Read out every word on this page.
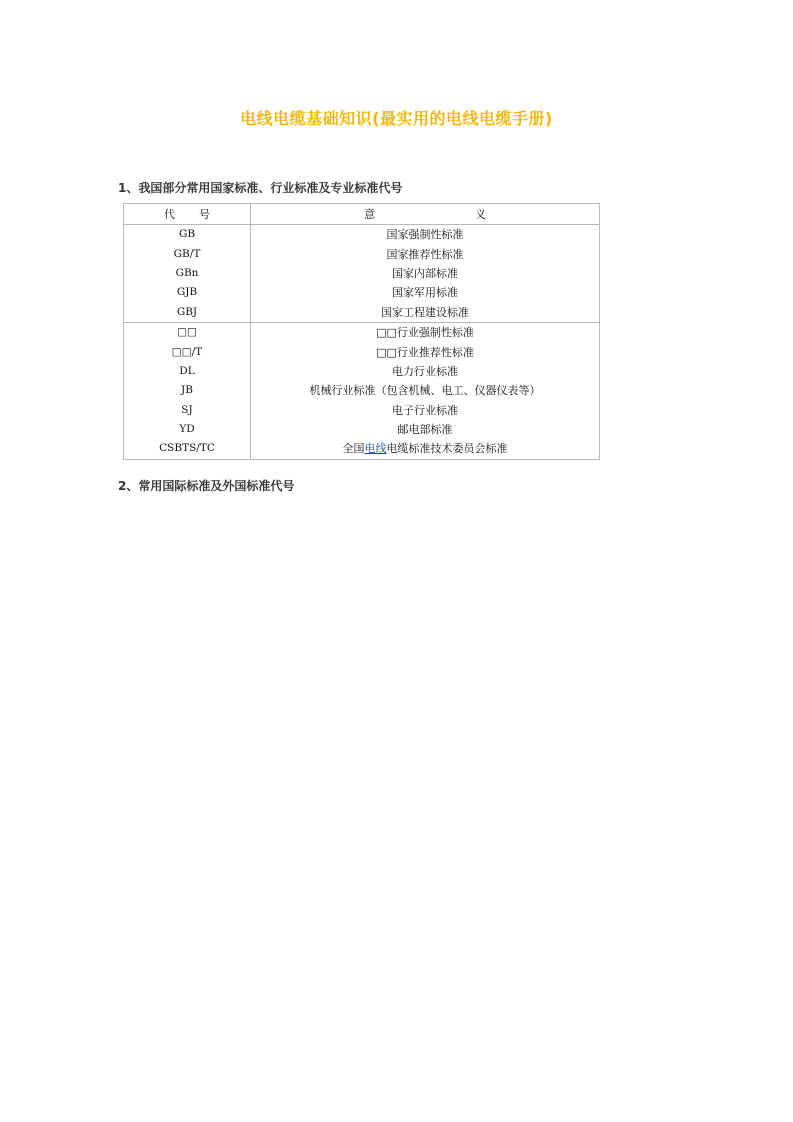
电线电缆基础知识(最实用的电线电缆手册)
1、我国部分常用国家标准、行业标准及专业标准代号
代 号	意 义
GB	国家强制性标准
GB/T	国家推荐性标准
GBn	国家内部标准
GJB	国家军用标准
GBJ	国家工程建设标准
□□	□□行业强制性标准
□□/T	□□行业推荐性标准
DL	电力行业标准
JB	机械行业标准（包含机械、电工、仪器仪表等）
SJ	电子行业标准
YD	邮电部标准
CSBTS/TC	全国电线电缆标准技术委员会标准
2、常用国际标准及外国标准代号
